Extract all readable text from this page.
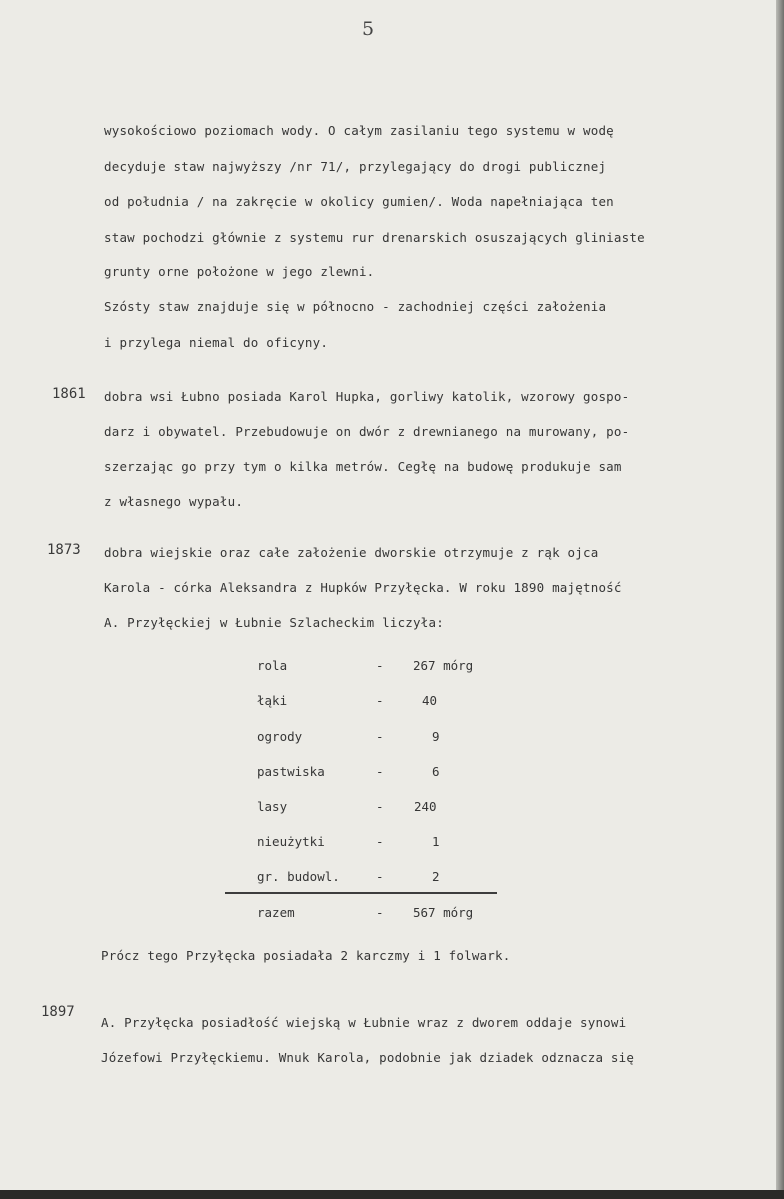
5
wysokościowo poziomach wody. O całym zasilaniu tego systemu w wodę
decyduje staw najwyższy /nr 71/, przylegający do drogi publicznej
od południa / na zakręcie w okolicy gumien/. Woda napełniająca ten
staw pochodzi głównie z systemu rur drenarskich osuszających gliniaste
grunty orne położone w jego zlewni.
Szósty staw znajduje się w północno - zachodniej części założenia
i przylega niemal do oficyny.
1861 dobra wsi Łubno posiada Karol Hupka, gorliwy katolik, wzorowy gospo-
darz i obywatel. Przebudowuje on dwór z drewnianego na murowany, po-
szerzając go przy tym o kilka metrów. Cegłę na budowę produkuje sam
z własnego wypału.
1873 dobra wiejskie oraz całe założenie dworskie otrzymuje z rąk ojca
Karola - córka Aleksandra z Hupków Przyłęcka. W roku 1890 majętność
A. Przyłęckiej w Łubnie Szlacheckim liczyła:
rola	- 267 mórg
łąki	-	40
ogrody	-	9
pastwiska	-	6
lasy	- 240
nieużytki	-	1
gr. budowl.	-	2
razem	- 567 mórg
Prócz tego Przyłęcka posiadała 2 karczmy i 1 folwark.
1897
A. Przyłęcka posiadłość wiejską w Łubnie wraz z dworem oddaje synowi
Józefowi Przyłęckiemu. Wnuk Karola, podobnie jak dziadek odznacza się
